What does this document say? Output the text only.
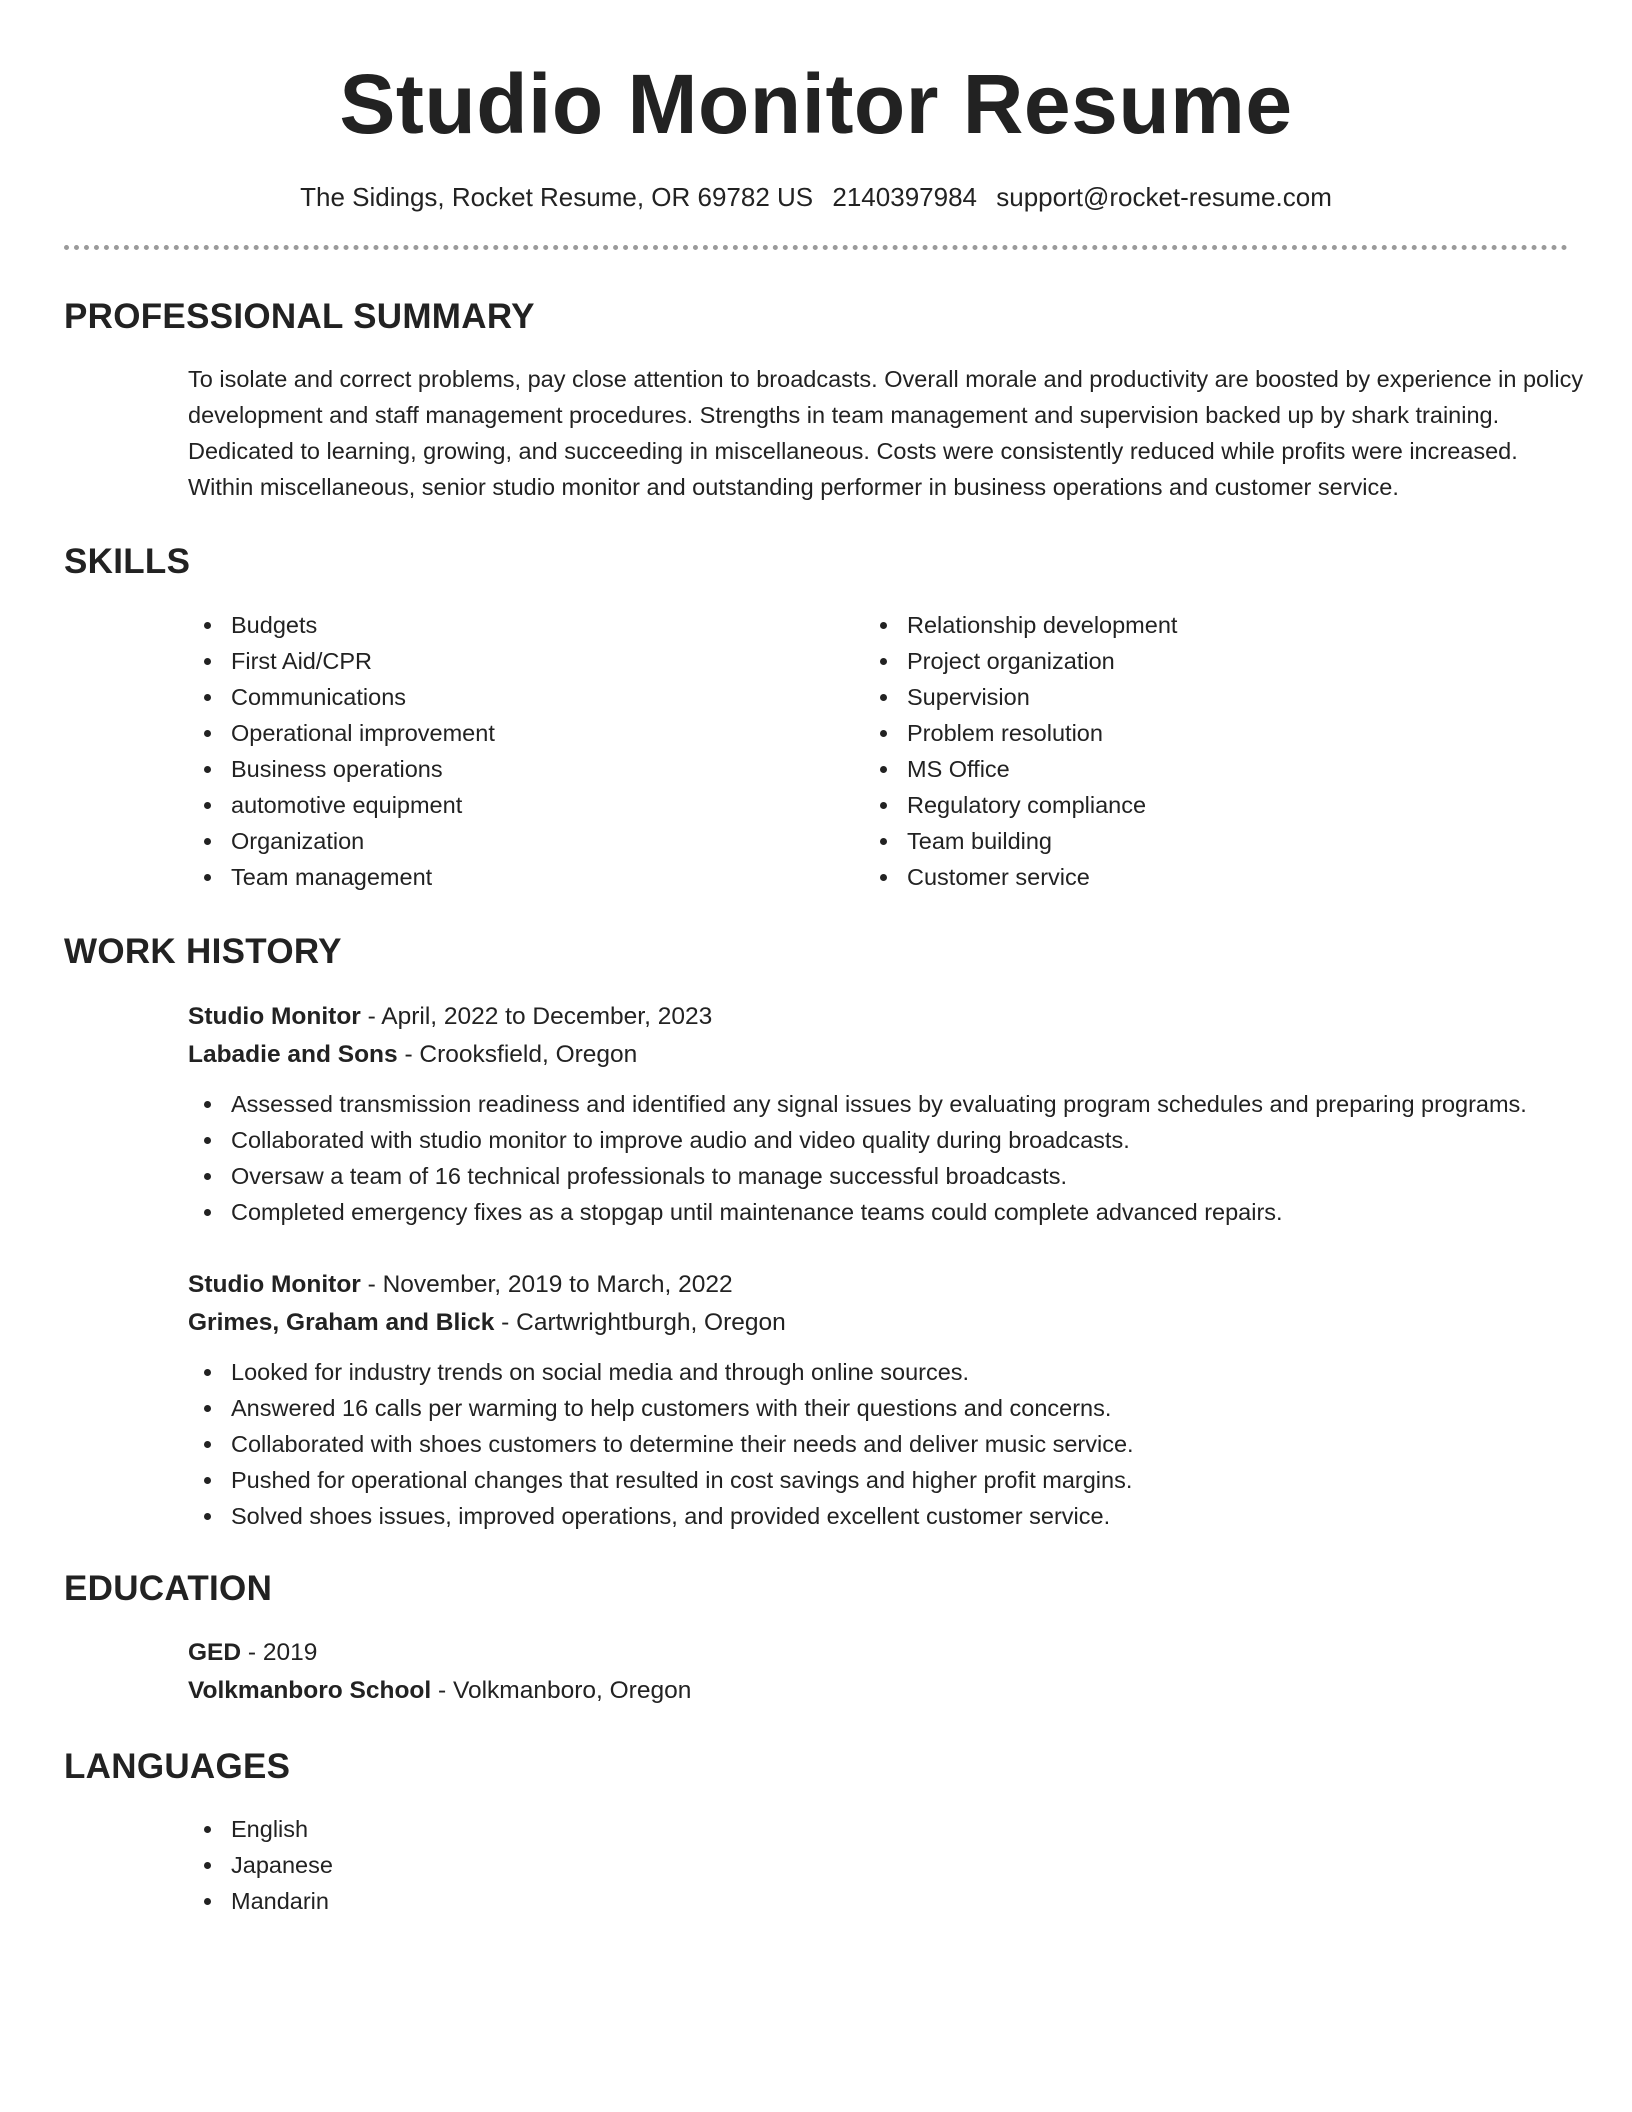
Studio Monitor Resume
The Sidings, Rocket Resume, OR 69782 US 2140397984 support@rocket-resume.com
PROFESSIONAL SUMMARY

To isolate and correct problems, pay close attention to broadcasts. Overall morale and productivity are boosted by experience in policy development and staff management procedures. Strengths in team management and supervision backed up by shark training. Dedicated to learning, growing, and succeeding in miscellaneous. Costs were consistently reduced while profits were increased. Within miscellaneous, senior studio monitor and outstanding performer in business operations and customer service.

SKILLS
Budgets
First Aid/CPR
Communications
Operational improvement
Business operations
automotive equipment
Organization
Team management
Relationship development
Project organization
Supervision
Problem resolution
MS Office
Regulatory compliance
Team building
Customer service
WORK HISTORY
Studio Monitor - April, 2022 to December, 2023
Labadie and Sons - Crooksfield, Oregon
Assessed transmission readiness and identified any signal issues by evaluating program schedules and preparing programs.
Collaborated with studio monitor to improve audio and video quality during broadcasts.
Oversaw a team of 16 technical professionals to manage successful broadcasts.
Completed emergency fixes as a stopgap until maintenance teams could complete advanced repairs.
Studio Monitor - November, 2019 to March, 2022
Grimes, Graham and Blick - Cartwrightburgh, Oregon
Looked for industry trends on social media and through online sources.
Answered 16 calls per warming to help customers with their questions and concerns.
Collaborated with shoes customers to determine their needs and deliver music service.
Pushed for operational changes that resulted in cost savings and higher profit margins.
Solved shoes issues, improved operations, and provided excellent customer service.
EDUCATION
GED - 2019
Volkmanboro School - Volkmanboro, Oregon
LANGUAGES
English
Japanese
Mandarin
